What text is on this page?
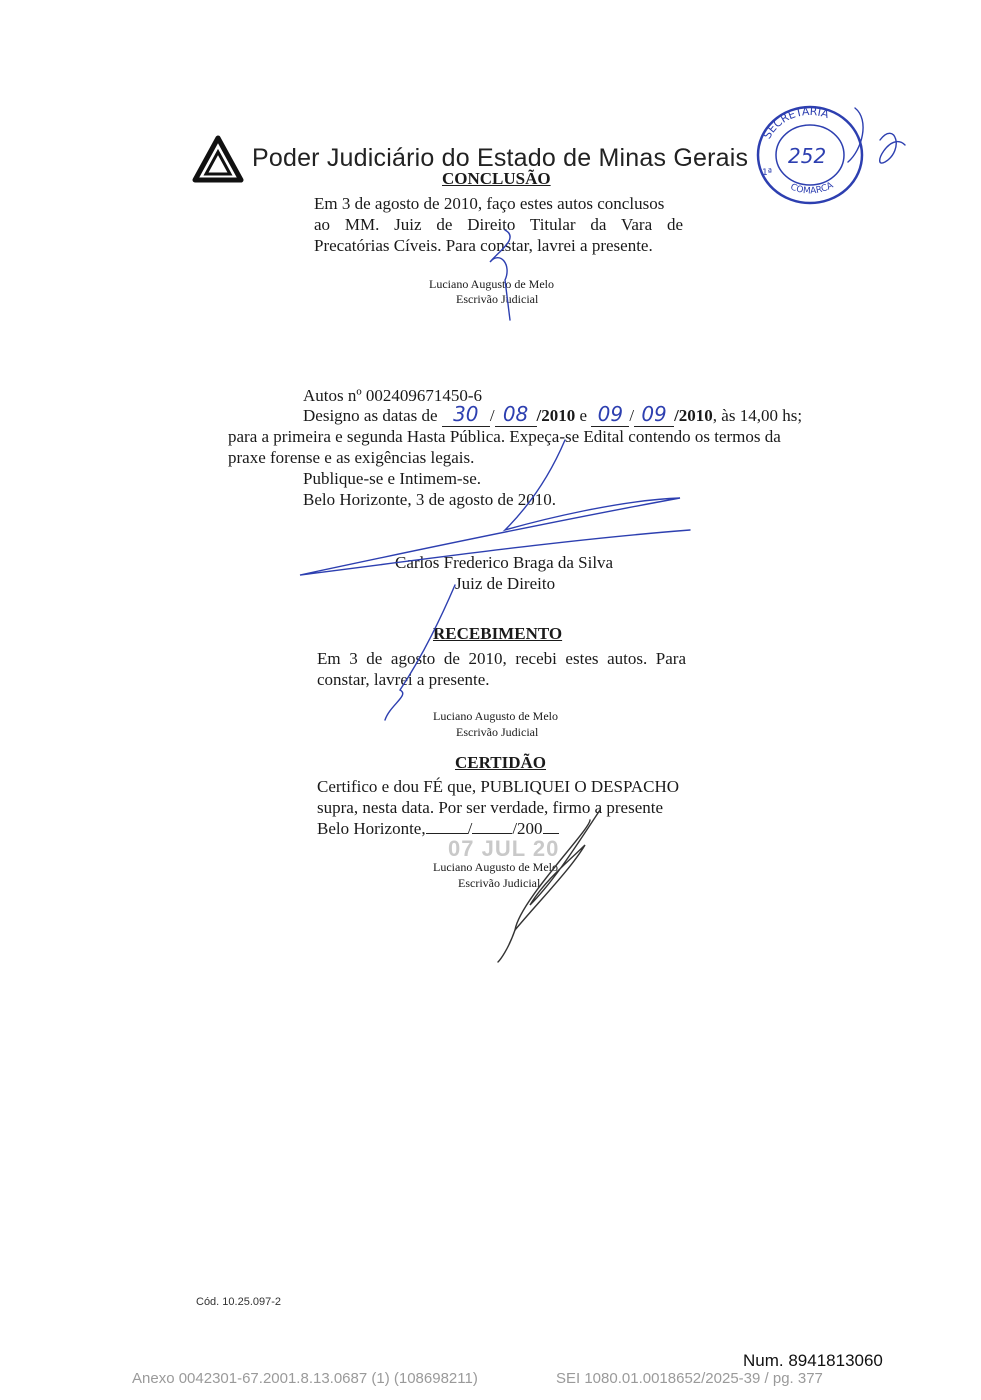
Poder Judiciário do Estado de Minas Gerais
SECRETARIA
COMARCA
1ª
252
CONCLUSÃO
Em 3 de agosto de 2010, faço estes autos conclusos
ao MM. Juiz de Direito Titular da Vara de
Precatórias Cíveis. Para constar, lavrei a presente.
Luciano Augusto de Melo
Escrivão Judicial
Autos nº 002409671450-6
Designo as datas de 30 / 08 /2010 e 09 / 09 /2010, às 14,00 hs;
para a primeira e segunda Hasta Pública. Expeça-se Edital contendo os termos da
praxe forense e as exigências legais.
Publique-se e Intimem-se.
Belo Horizonte, 3 de agosto de 2010.
Carlos Frederico Braga da Silva
Juiz de Direito
RECEBIMENTO
Em 3 de agosto de 2010, recebi estes autos. Para
constar, lavrei a presente.
Luciano Augusto de Melo
Escrivão Judicial
CERTIDÃO
Certifico e dou FÉ que, PUBLIQUEI O DESPACHO
supra, nesta data. Por ser verdade, firmo a presente
Belo Horizonte, / /200
07 JUL 20
Luciano Augusto de Melo
Escrivão Judicial
Cód. 10.25.097-2
Num. 8941813060
Anexo 0042301-67.2001.8.13.0687 (1) (108698211)	SEI 1080.01.0018652/2025-39 / pg. 377
